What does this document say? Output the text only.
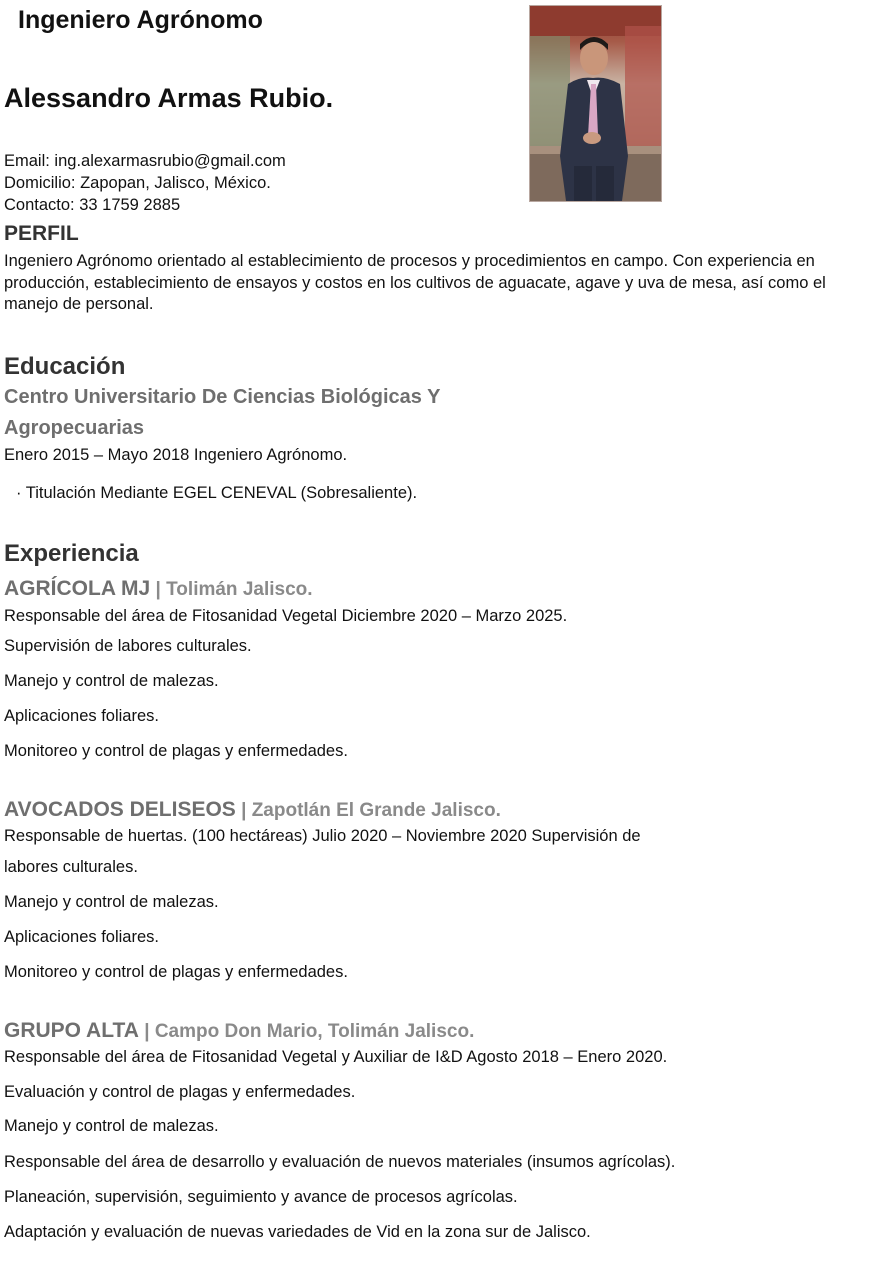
Ingeniero Agrónomo
Alessandro Armas Rubio.
Email: ing.alexarmasrubio@gmail.com
Domicilio: Zapopan, Jalisco, México.
Contacto: 33 1759 2885
PERFIL
Ingeniero Agrónomo orientado al establecimiento de procesos y procedimientos en campo. Con experiencia en producción, establecimiento de ensayos y costos en los cultivos de aguacate, agave y uva de mesa, así como el manejo de personal.
Educación
Centro Universitario De Ciencias Biológicas Y
Agropecuarias
Enero 2015 – Mayo 2018 Ingeniero Agrónomo.
· Titulación Mediante EGEL CENEVAL (Sobresaliente).
Experiencia
AGRÍCOLA MJ | Tolimán Jalisco.
Responsable del área de Fitosanidad Vegetal Diciembre 2020 – Marzo 2025.
Supervisión de labores culturales.
Manejo y control de malezas.
Aplicaciones foliares.
Monitoreo y control de plagas y enfermedades.
AVOCADOS DELISEOS | Zapotlán El Grande Jalisco.
Responsable de huertas. (100 hectáreas) Julio 2020 – Noviembre 2020 Supervisión de
labores culturales.
Manejo y control de malezas.
Aplicaciones foliares.
Monitoreo y control de plagas y enfermedades.
GRUPO ALTA | Campo Don Mario, Tolimán Jalisco.
Responsable del área de Fitosanidad Vegetal y Auxiliar de I&D Agosto 2018 – Enero 2020.
Evaluación y control de plagas y enfermedades.
Manejo y control de malezas.
Responsable del área de desarrollo y evaluación de nuevos materiales (insumos agrícolas).
Planeación, supervisión, seguimiento y avance de procesos agrícolas.
Adaptación y evaluación de nuevas variedades de Vid en la zona sur de Jalisco.
